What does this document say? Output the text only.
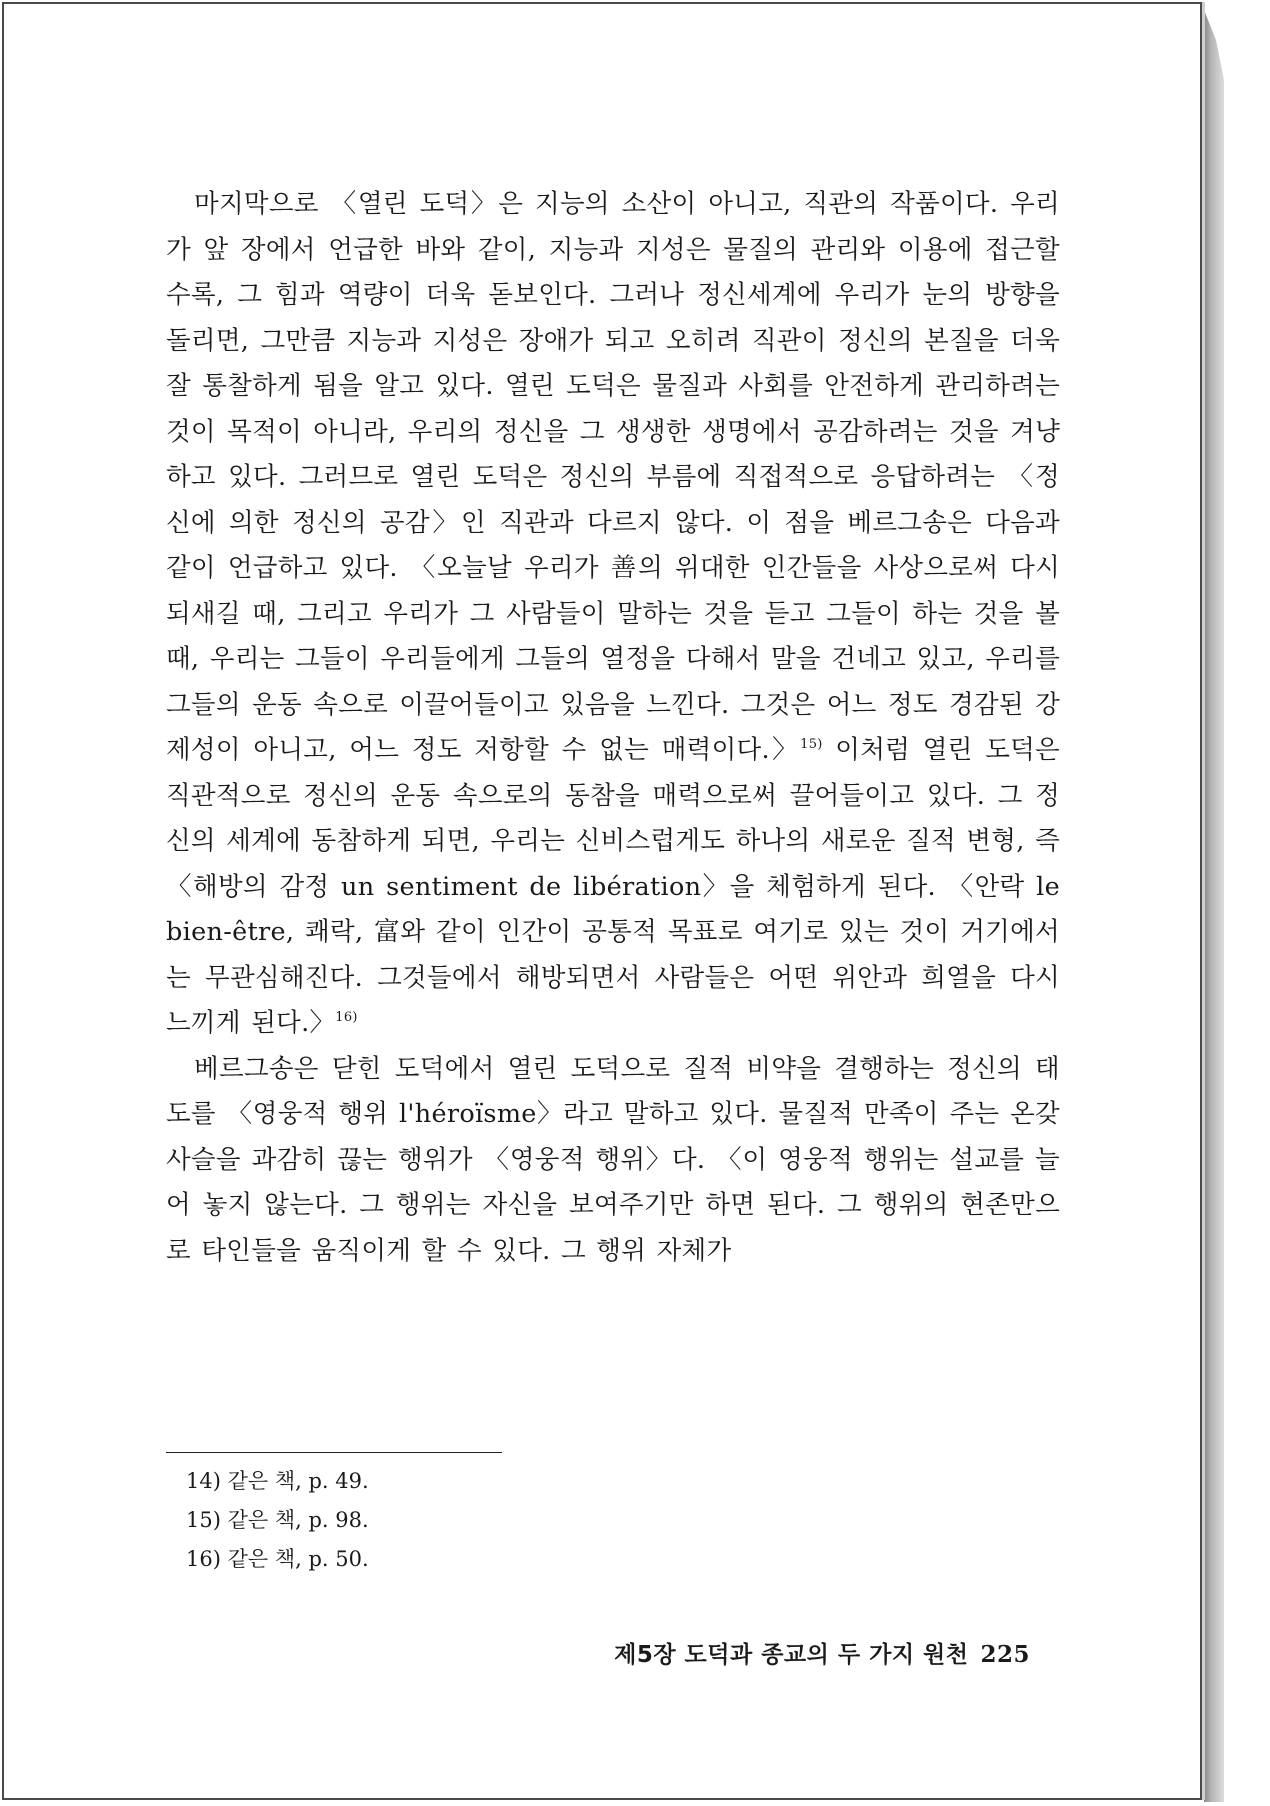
마지막으로 〈열린 도덕〉은 지능의 소산이 아니고, 직관의 작품이다. 우리가 앞 장에서 언급한 바와 같이, 지능과 지성은 물질의 관리와 이용에 접근할수록, 그 힘과 역량이 더욱 돋보인다. 그러나 정신세계에 우리가 눈의 방향을 돌리면, 그만큼 지능과 지성은 장애가 되고 오히려 직관이 정신의 본질을 더욱 잘 통찰하게 됨을 알고 있다. 열린 도덕은 물질과 사회를 안전하게 관리하려는 것이 목적이 아니라, 우리의 정신을 그 생생한 생명에서 공감하려는 것을 겨냥하고 있다. 그러므로 열린 도덕은 정신의 부름에 직접적으로 응답하려는 〈정신에 의한 정신의 공감〉인 직관과 다르지 않다. 이 점을 베르그송은 다음과 같이 언급하고 있다. 〈오늘날 우리가 善의 위대한 인간들을 사상으로써 다시 되새길 때, 그리고 우리가 그 사람들이 말하는 것을 듣고 그들이 하는 것을 볼 때, 우리는 그들이 우리들에게 그들의 열정을 다해서 말을 건네고 있고, 우리를 그들의 운동 속으로 이끌어들이고 있음을 느낀다. 그것은 어느 정도 경감된 강제성이 아니고, 어느 정도 저항할 수 없는 매력이다.〉$^{15)}$ 이처럼 열린 도덕은 직관적으로 정신의 운동 속으로의 동참을 매력으로써 끌어들이고 있다. 그 정신의 세계에 동참하게 되면, 우리는 신비스럽게도 하나의 새로운 질적 변형, 즉 〈해방의 감정 un sentiment de libération〉을 체험하게 된다. 〈안락 le bien-être, 쾌락, 富와 같이 인간이 공통적 목표로 여기로 있는 것이 거기에서는 무관심해진다. 그것들에서 해방되면서 사람들은 어떤 위안과 희열을 다시 느끼게 된다.〉$^{16)}$

베르그송은 닫힌 도덕에서 열린 도덕으로 질적 비약을 결행하는 정신의 태도를 〈영웅적 행위 l'héroïsme〉라고 말하고 있다. 물질적 만족이 주는 온갖 사슬을 과감히 끊는 행위가 〈영웅적 행위〉다. 〈이 영웅적 행위는 설교를 늘어 놓지 않는다. 그 행위는 자신을 보여주기만 하면 된다. 그 행위의 현존만으로 타인들을 움직이게 할 수 있다. 그 행위 자체가

14) 같은 책, p. 49.
15) 같은 책, p. 98.
16) 같은 책, p. 50.
제5장 도덕과 종교의 두 가지 원천 225
